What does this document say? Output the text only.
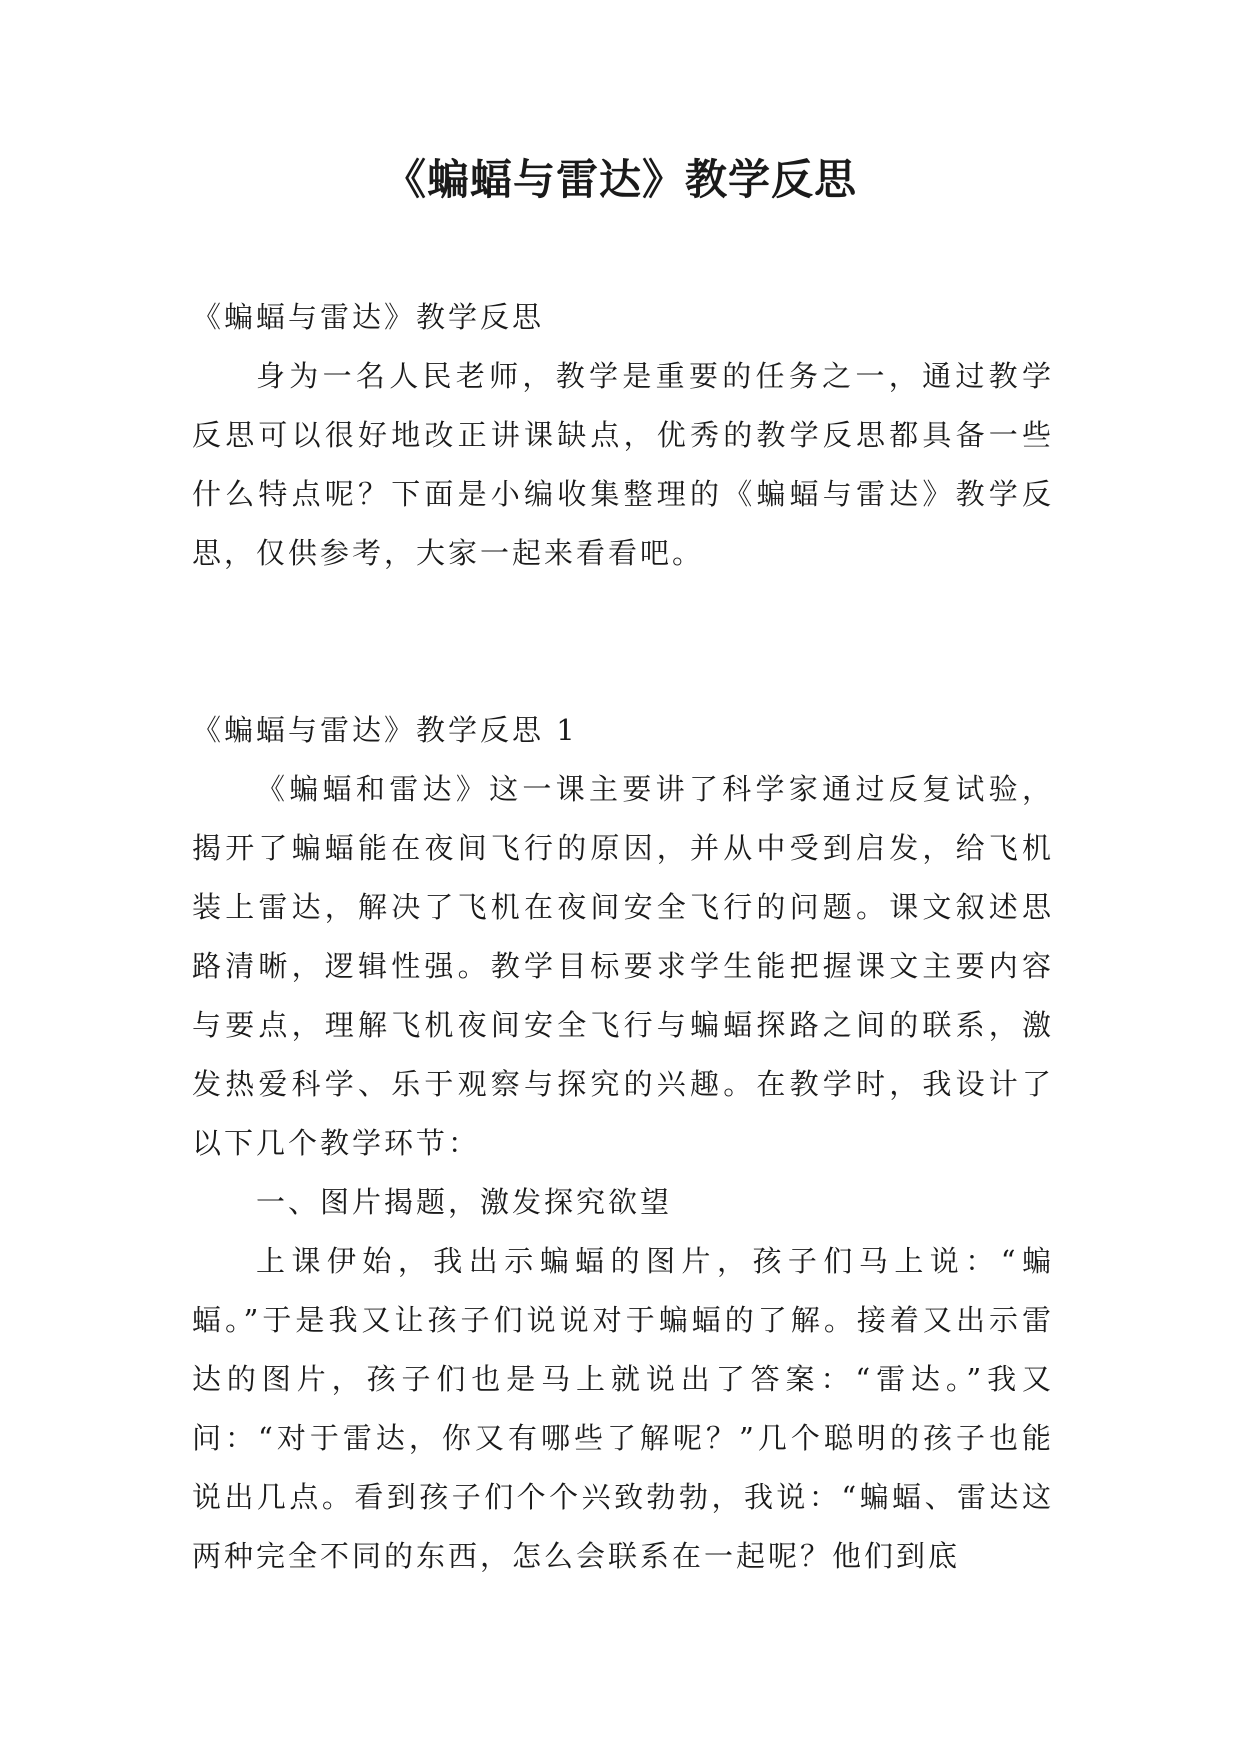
《蝙蝠与雷达》教学反思

《蝙蝠与雷达》教学反思

身为一名人民老师，教学是重要的任务之一，通过教学反思可以很好地改正讲课缺点，优秀的教学反思都具备一些什么特点呢？下面是小编收集整理的《蝙蝠与雷达》教学反思，仅供参考，大家一起来看看吧。

《蝙蝠与雷达》教学反思 1

《蝙蝠和雷达》这一课主要讲了科学家通过反复试验，揭开了蝙蝠能在夜间飞行的原因，并从中受到启发，给飞机装上雷达，解决了飞机在夜间安全飞行的问题。课文叙述思路清晰，逻辑性强。教学目标要求学生能把握课文主要内容与要点，理解飞机夜间安全飞行与蝙蝠探路之间的联系，激发热爱科学、乐于观察与探究的兴趣。在教学时，我设计了以下几个教学环节：

一、图片揭题，激发探究欲望

上课伊始，我出示蝙蝠的图片，孩子们马上说：“蝙蝠。”于是我又让孩子们说说对于蝙蝠的了解。接着又出示雷达的图片，孩子们也是马上就说出了答案：“雷达。”我又问：“对于雷达，你又有哪些了解呢？”几个聪明的孩子也能说出几点。看到孩子们个个兴致勃勃，我说：“蝙蝠、雷达这两种完全不同的东西，怎么会联系在一起呢？他们到底
